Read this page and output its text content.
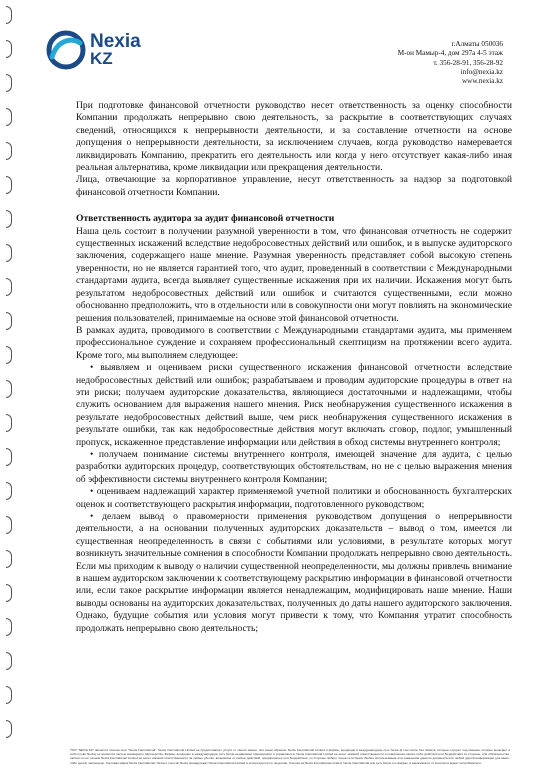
Nexia
KZ
г.Алматы 050036
М-он Мамыр-4, дом 297а 4-5 этаж
т. 356-28-91, 356-28-92
info@nexia.kz
www.nexia.kz

При подготовке финансовой отчетности руководство несет ответственность за оценку способности Компании продолжать непрерывно свою деятельность, за раскрытие в соответствующих случаях сведений, относящихся к непрерывности деятельности, и за составление отчетности на основе допущения о непрерывности деятельности, за исключением случаев, когда руководство намеревается ликвидировать Компанию, прекратить его деятельность или когда у него отсутствует какая-либо иная реальная альтернатива, кроме ликвидации или прекращения деятельности.

Лица, отвечающие за корпоративное управление, несут ответственность за надзор за подготовкой финансовой отчетности Компании.

Ответственность аудитора за аудит финансовой отчетности

Наша цель состоит в получении разумной уверенности в том, что финансовая отчетность не содержит существенных искажений вследствие недобросовестных действий или ошибок, и в выпуске аудиторского заключения, содержащего наше мнение. Разумная уверенность представляет собой высокую степень уверенности, но не является гарантией того, что аудит, проведенный в соответствии с Международными стандартами аудита, всегда выявляет существенные искажения при их наличии. Искажения могут быть результатом недобросовестных действий или ошибок и считаются существенными, если можно обоснованно предположить, что в отдельности или в совокупности они могут повлиять на экономические решения пользователей, принимаемые на основе этой финансовой отчетности.

В рамках аудита, проводимого в соответствии с Международными стандартами аудита, мы применяем профессиональное суждение и сохраняем профессиональный скептицизм на протяжении всего аудита. Кроме того, мы выполняем следующее:

• выявляем и оцениваем риски существенного искажения финансовой отчетности вследствие недобросовестных действий или ошибок; разрабатываем и проводим аудиторские процедуры в ответ на эти риски; получаем аудиторские доказательства, являющиеся достаточными и надлежащими, чтобы служить основанием для выражения нашего мнения. Риск необнаружения существенного искажения в результате недобросовестных действий выше, чем риск необнаружения существенного искажения в результате ошибки, так как недобросовестные действия могут включать сговор, подлог, умышленный пропуск, искаженное представление информации или действия в обход системы внутреннего контроля;

• получаем понимание системы внутреннего контроля, имеющей значение для аудита, с целью разработки аудиторских процедур, соответствующих обстоятельствам, но не с целью выражения мнения об эффективности системы внутреннего контроля Компании;

• оцениваем надлежащий характер применяемой учетной политики и обоснованность бухгалтерских оценок и соответствующего раскрытия информации, подготовленного руководством;

• делаем вывод о правомерности применения руководством допущения о непрерывности деятельности, а на основании полученных аудиторских доказательств – вывод о том, имеется ли существенная неопределенность в связи с событиями или условиями, в результате которых могут возникнуть значительные сомнения в способности Компании продолжать непрерывно свою деятельность. Если мы приходим к выводу о наличии существенной неопределенности, мы должны привлечь внимание в нашем аудиторском заключении к соответствующему раскрытию информации в финансовой отчетности или, если такое раскрытие информации является ненадлежащим, модифицировать наше мнение. Наши выводы основаны на аудиторских доказательствах, полученных до даты нашего аудиторского заключения. Однако, будущие события или условия могут привести к тому, что Компания утратит способность продолжать непрерывно свою деятельность;

ТОО "NEXIA KZ" является членом сети "Nexia International". Nexia International Limited не предоставляет услуги от своего имени, или иным образом. Nexia International Limited и фирмы, входящие в международную сеть Nexia (в том числе без лимита, которые торгуют под именем, которое включает в себя слово Nexia) не являются частью всемирного партнерства. Фирмы, входящие в международную сеть Nexia независимо принадлежат и управляются. Nexia International Limited не несет никакой ответственности и совершенно какого-либо действия или бездействия со стороны, или обязательство, любого из ее членов Nexia International Limited не несет никакой ответственности за любые убытки, возникшие от любых действий, предпринятых или бездействия, со стороны любого члена сети Nexia. Любое использование или изменение данного документа или любой другой информации для каких-либо целей, запрещено. Торговая марка Nexia International, Nexia и логотип Nexia принадлежат Nexia International Limited и используются по лицензии. Ссылки на Nexia International Limited, Nexia International или сеть Nexia это фирмы, в зависимости от контекста может потребоваться.
